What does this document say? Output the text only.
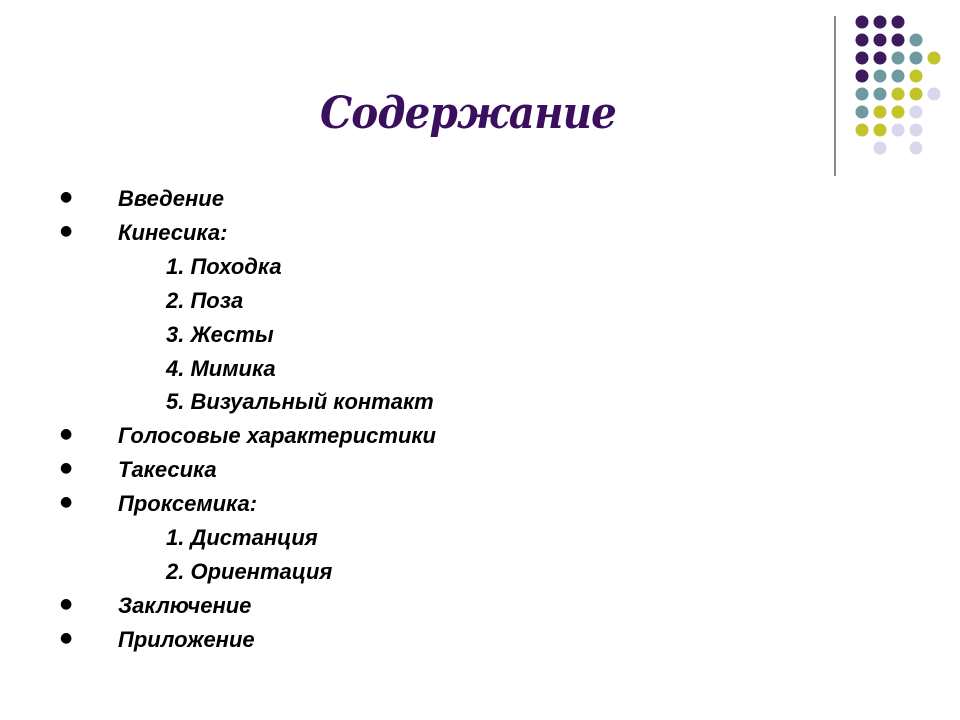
Содержание
● Введение
● Кинесика:
1. Походка
2. Поза
3. Жесты
4. Мимика
5. Визуальный контакт
● Голосовые характеристики
● Такесика
● Проксемика:
1. Дистанция
2. Ориентация
● Заключение
● Приложение
